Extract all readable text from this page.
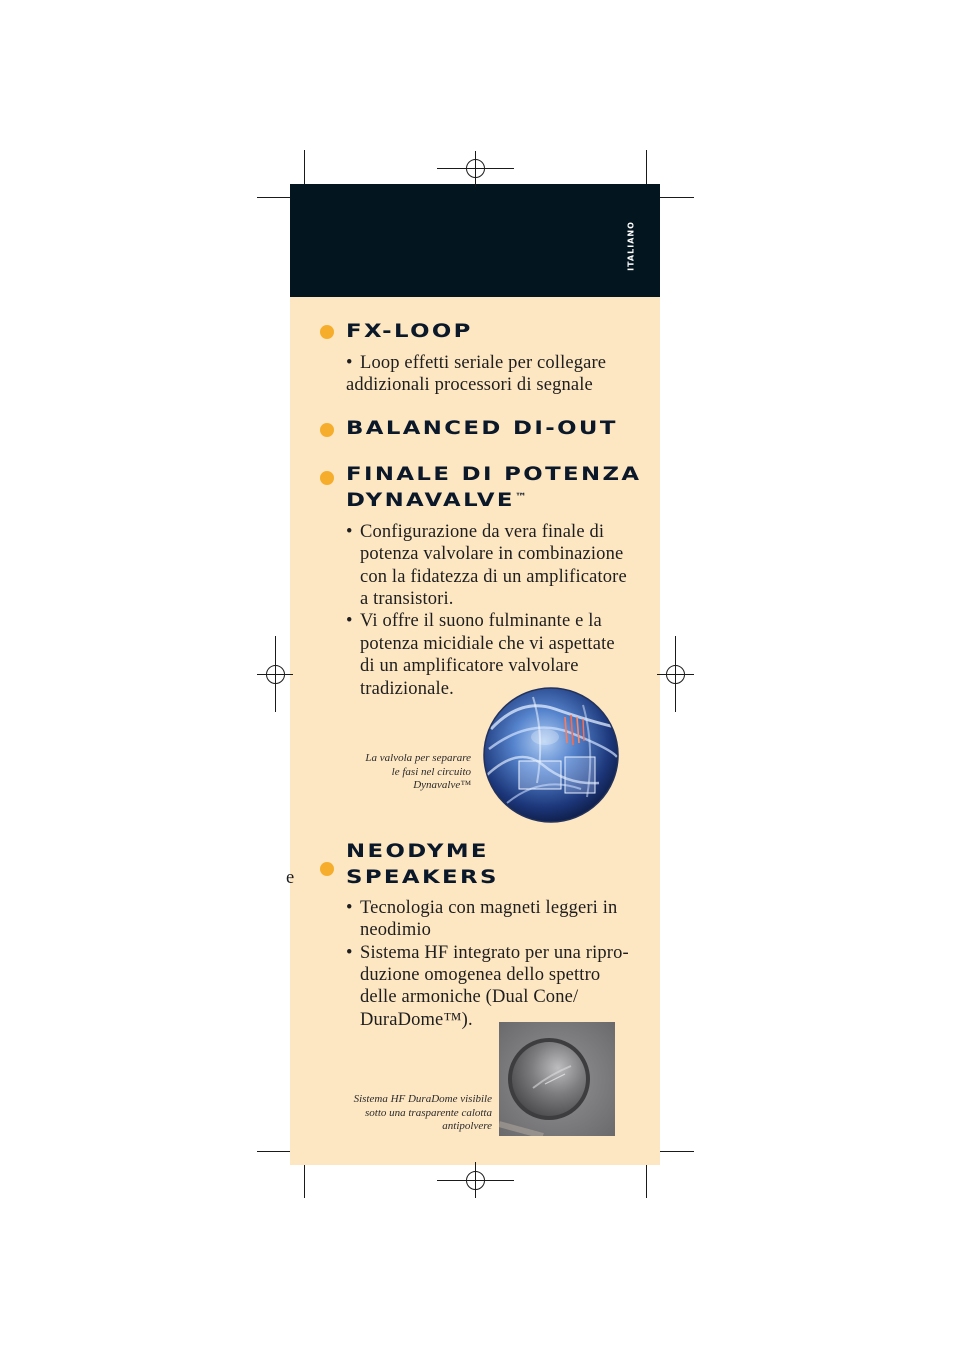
ITALIANO
FX-LOOP
• Loop effetti seriale per collegare
addizionali processori di segnale
BALANCED DI-OUT
FINALE DI POTENZA
DYNAVALVE™
• Configurazione da vera finale di
potenza valvolare in combinazione
con la fidatezza di un amplificatore
a transistori.
• Vi offre il suono fulminante e la
potenza micidiale che vi aspettate
di un amplificatore valvolare
tradizionale.
La valvola per separare
le fasi nel circuito
Dynavalve™
NEODYME
SPEAKERS
• Tecnologia con magneti leggeri in
neodimio
• Sistema HF integrato per una ripro-
duzione omogenea dello spettro
delle armoniche (Dual Cone/
DuraDome™).
Sistema HF DuraDome visibile
sotto una trasparente calotta
antipolvere
e
